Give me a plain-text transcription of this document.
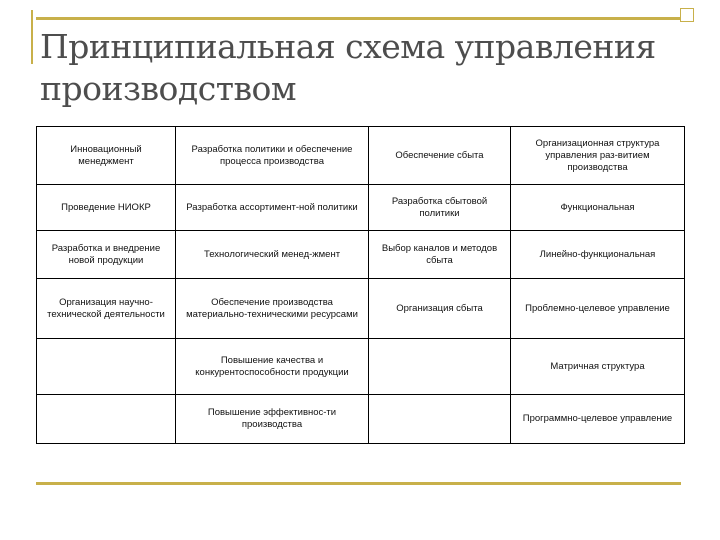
Принципиальная схема управления производством
Инновационный менеджмент	Разработка политики и обеспечение процесса производства	Обеспечение сбыта	Организационная структура управления раз-витием производства
Проведение НИОКР	Разработка ассортимент-ной политики	Разработка сбытовой политики	Функциональная
Разработка и внедрение новой продукции	Технологический менед-жмент	Выбор каналов и методов сбыта	Линейно-функциональная
Организация научно-технической деятельности	Обеспечение производства материально-техническими ресурсами	Организация сбыта	Проблемно-целевое управление
	Повышение качества и конкурентоспособности продукции		Матричная структура
	Повышение эффективнос-ти производства		Программно-целевое управление
